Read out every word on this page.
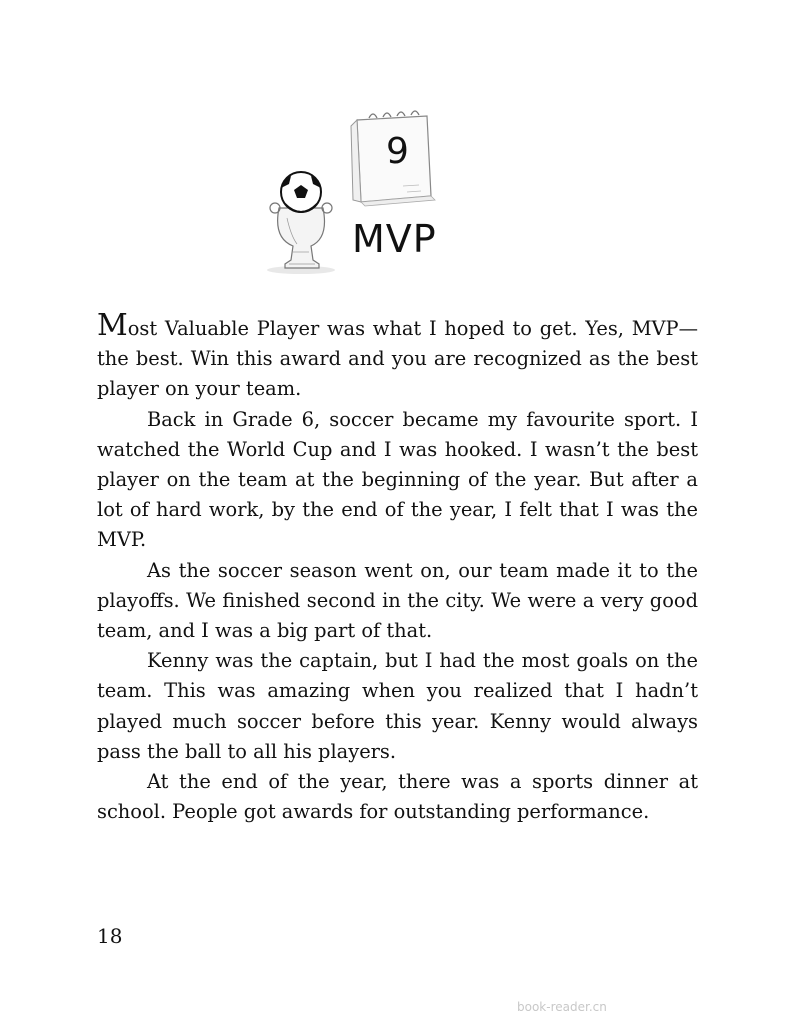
9
MVP

Most Valuable Player was what I hoped to get. Yes, MVP—the best. Win this award and you are recognized as the best player on your team.

Back in Grade 6, soccer became my favourite sport. I watched the World Cup and I was hooked. I wasn’t the best player on the team at the beginning of the year. But after a lot of hard work, by the end of the year, I felt that I was the MVP.

As the soccer season went on, our team made it to the playoffs. We finished second in the city. We were a very good team, and I was a big part of that.

Kenny was the captain, but I had the most goals on the team. This was amazing when you realized that I hadn’t played much soccer before this year. Kenny would always pass the ball to all his players.

At the end of the year, there was a sports dinner at school. People got awards for outstanding performance.

18
book-reader.cn
